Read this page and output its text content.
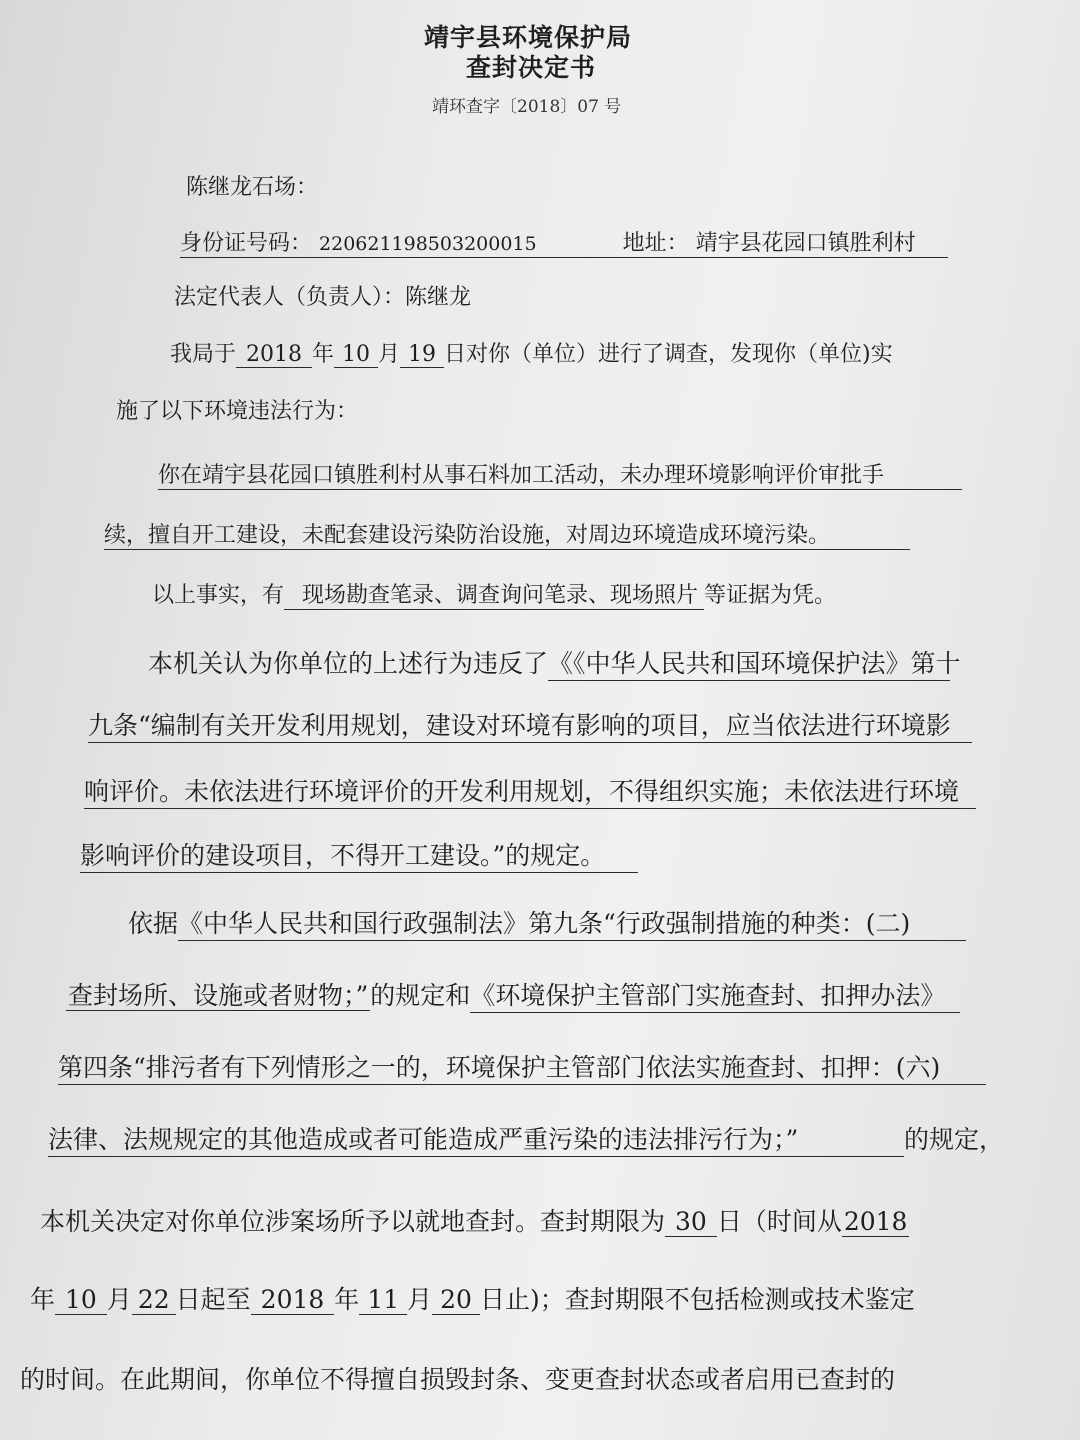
靖宇县环境保护局
查封决定书
靖环查字〔2018〕07 号
陈继龙石场：
身份证号码： 220621198503200015	地址： 靖宇县花园口镇胜利村
法定代表人（负责人）：陈继龙
我局于 2018 年 10 月 19 日对你（单位）进行了调查，发现你（单位)实
施了以下环境违法行为：
你在靖宇县花园口镇胜利村从事石料加工活动，未办理环境影响评价审批手
续，擅自开工建设，未配套建设污染防治设施，对周边环境造成环境污染。
以上事实，有 现场勘查笔录、调查询问笔录、现场照片 等证据为凭。
本机关认为你单位的上述行为违反了《《中华人民共和国环境保护法》第十
九条“编制有关开发利用规划，建设对环境有影响的项目，应当依法进行环境影
响评价。未依法进行环境评价的开发利用规划，不得组织实施；未依法进行环境
影响评价的建设项目，不得开工建设。”的规定。
依据《中华人民共和国行政强制法》第九条“行政强制措施的种类：(二)
查封场所、设施或者财物；”的规定和《环境保护主管部门实施查封、扣押办法》
第四条“排污者有下列情形之一的，环境保护主管部门依法实施查封、扣押：(六)
法律、法规规定的其他造成或者可能造成严重污染的违法排污行为；”	的规定，
本机关决定对你单位涉案场所予以就地查封。查封期限为 30 日（时间从2018
年 10 月 22 日起至 2018 年 11 月 20 日止)；查封期限不包括检测或技术鉴定
的时间。在此期间，你单位不得擅自损毁封条、变更查封状态或者启用已查封的
